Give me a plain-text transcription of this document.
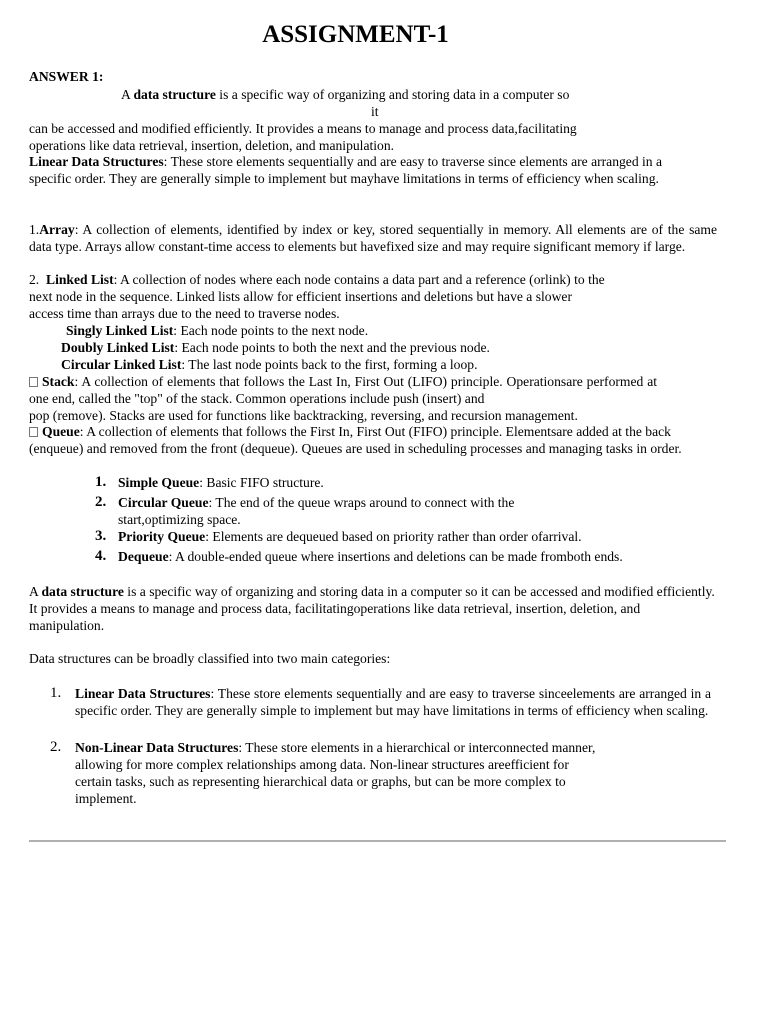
ASSIGNMENT-1
ANSWER 1:
A data structure is a specific way of organizing and storing data in a computer so
it
can be accessed and modified efficiently. It provides a means to manage and process data,facilitating
operations like data retrieval, insertion, deletion, and manipulation.
Linear Data Structures: These store elements sequentially and are easy to traverse since elements are arranged in a specific order. They are generally simple to implement but mayhave limitations in terms of efficiency when scaling.
1.Array: A collection of elements, identified by index or key, stored sequentially in memory. All elements are of the same data type. Arrays allow constant-time access to elements but havefixed size and may require significant memory if large.
2. Linked List: A collection of nodes where each node contains a data part and a reference (orlink) to the
next node in the sequence. Linked lists allow for efficient insertions and deletions but have a slower
access time than arrays due to the need to traverse nodes.
Singly Linked List: Each node points to the next node.
Doubly Linked List: Each node points to both the next and the previous node.
Circular Linked List: The last node points back to the first, forming a loop.
Stack: A collection of elements that follows the Last In, First Out (LIFO) principle. Operationsare performed at one end, called the "top" of the stack. Common operations include push (insert) and
pop (remove). Stacks are used for functions like backtracking, reversing, and recursion management.
Queue: A collection of elements that follows the First In, First Out (FIFO) principle. Elementsare added at the back (enqueue) and removed from the front (dequeue). Queues are used in scheduling processes and managing tasks in order.
1. Simple Queue: Basic FIFO structure.
2. Circular Queue: The end of the queue wraps around to connect with the start,optimizing space.
3. Priority Queue: Elements are dequeued based on priority rather than order ofarrival.
4. Dequeue: A double-ended queue where insertions and deletions can be made fromboth ends.
A data structure is a specific way of organizing and storing data in a computer so it can be accessed and modified efficiently. It provides a means to manage and process data, facilitatingoperations like data retrieval, insertion, deletion, and manipulation.
Data structures can be broadly classified into two main categories:
1. Linear Data Structures: These store elements sequentially and are easy to traverse sinceelements are arranged in a specific order. They are generally simple to implement but may have limitations in terms of efficiency when scaling.
2. Non-Linear Data Structures: These store elements in a hierarchical or interconnected manner,
allowing for more complex relationships among data. Non-linear structures areefficient for
certain tasks, such as representing hierarchical data or graphs, but can be more complex to
implement.
